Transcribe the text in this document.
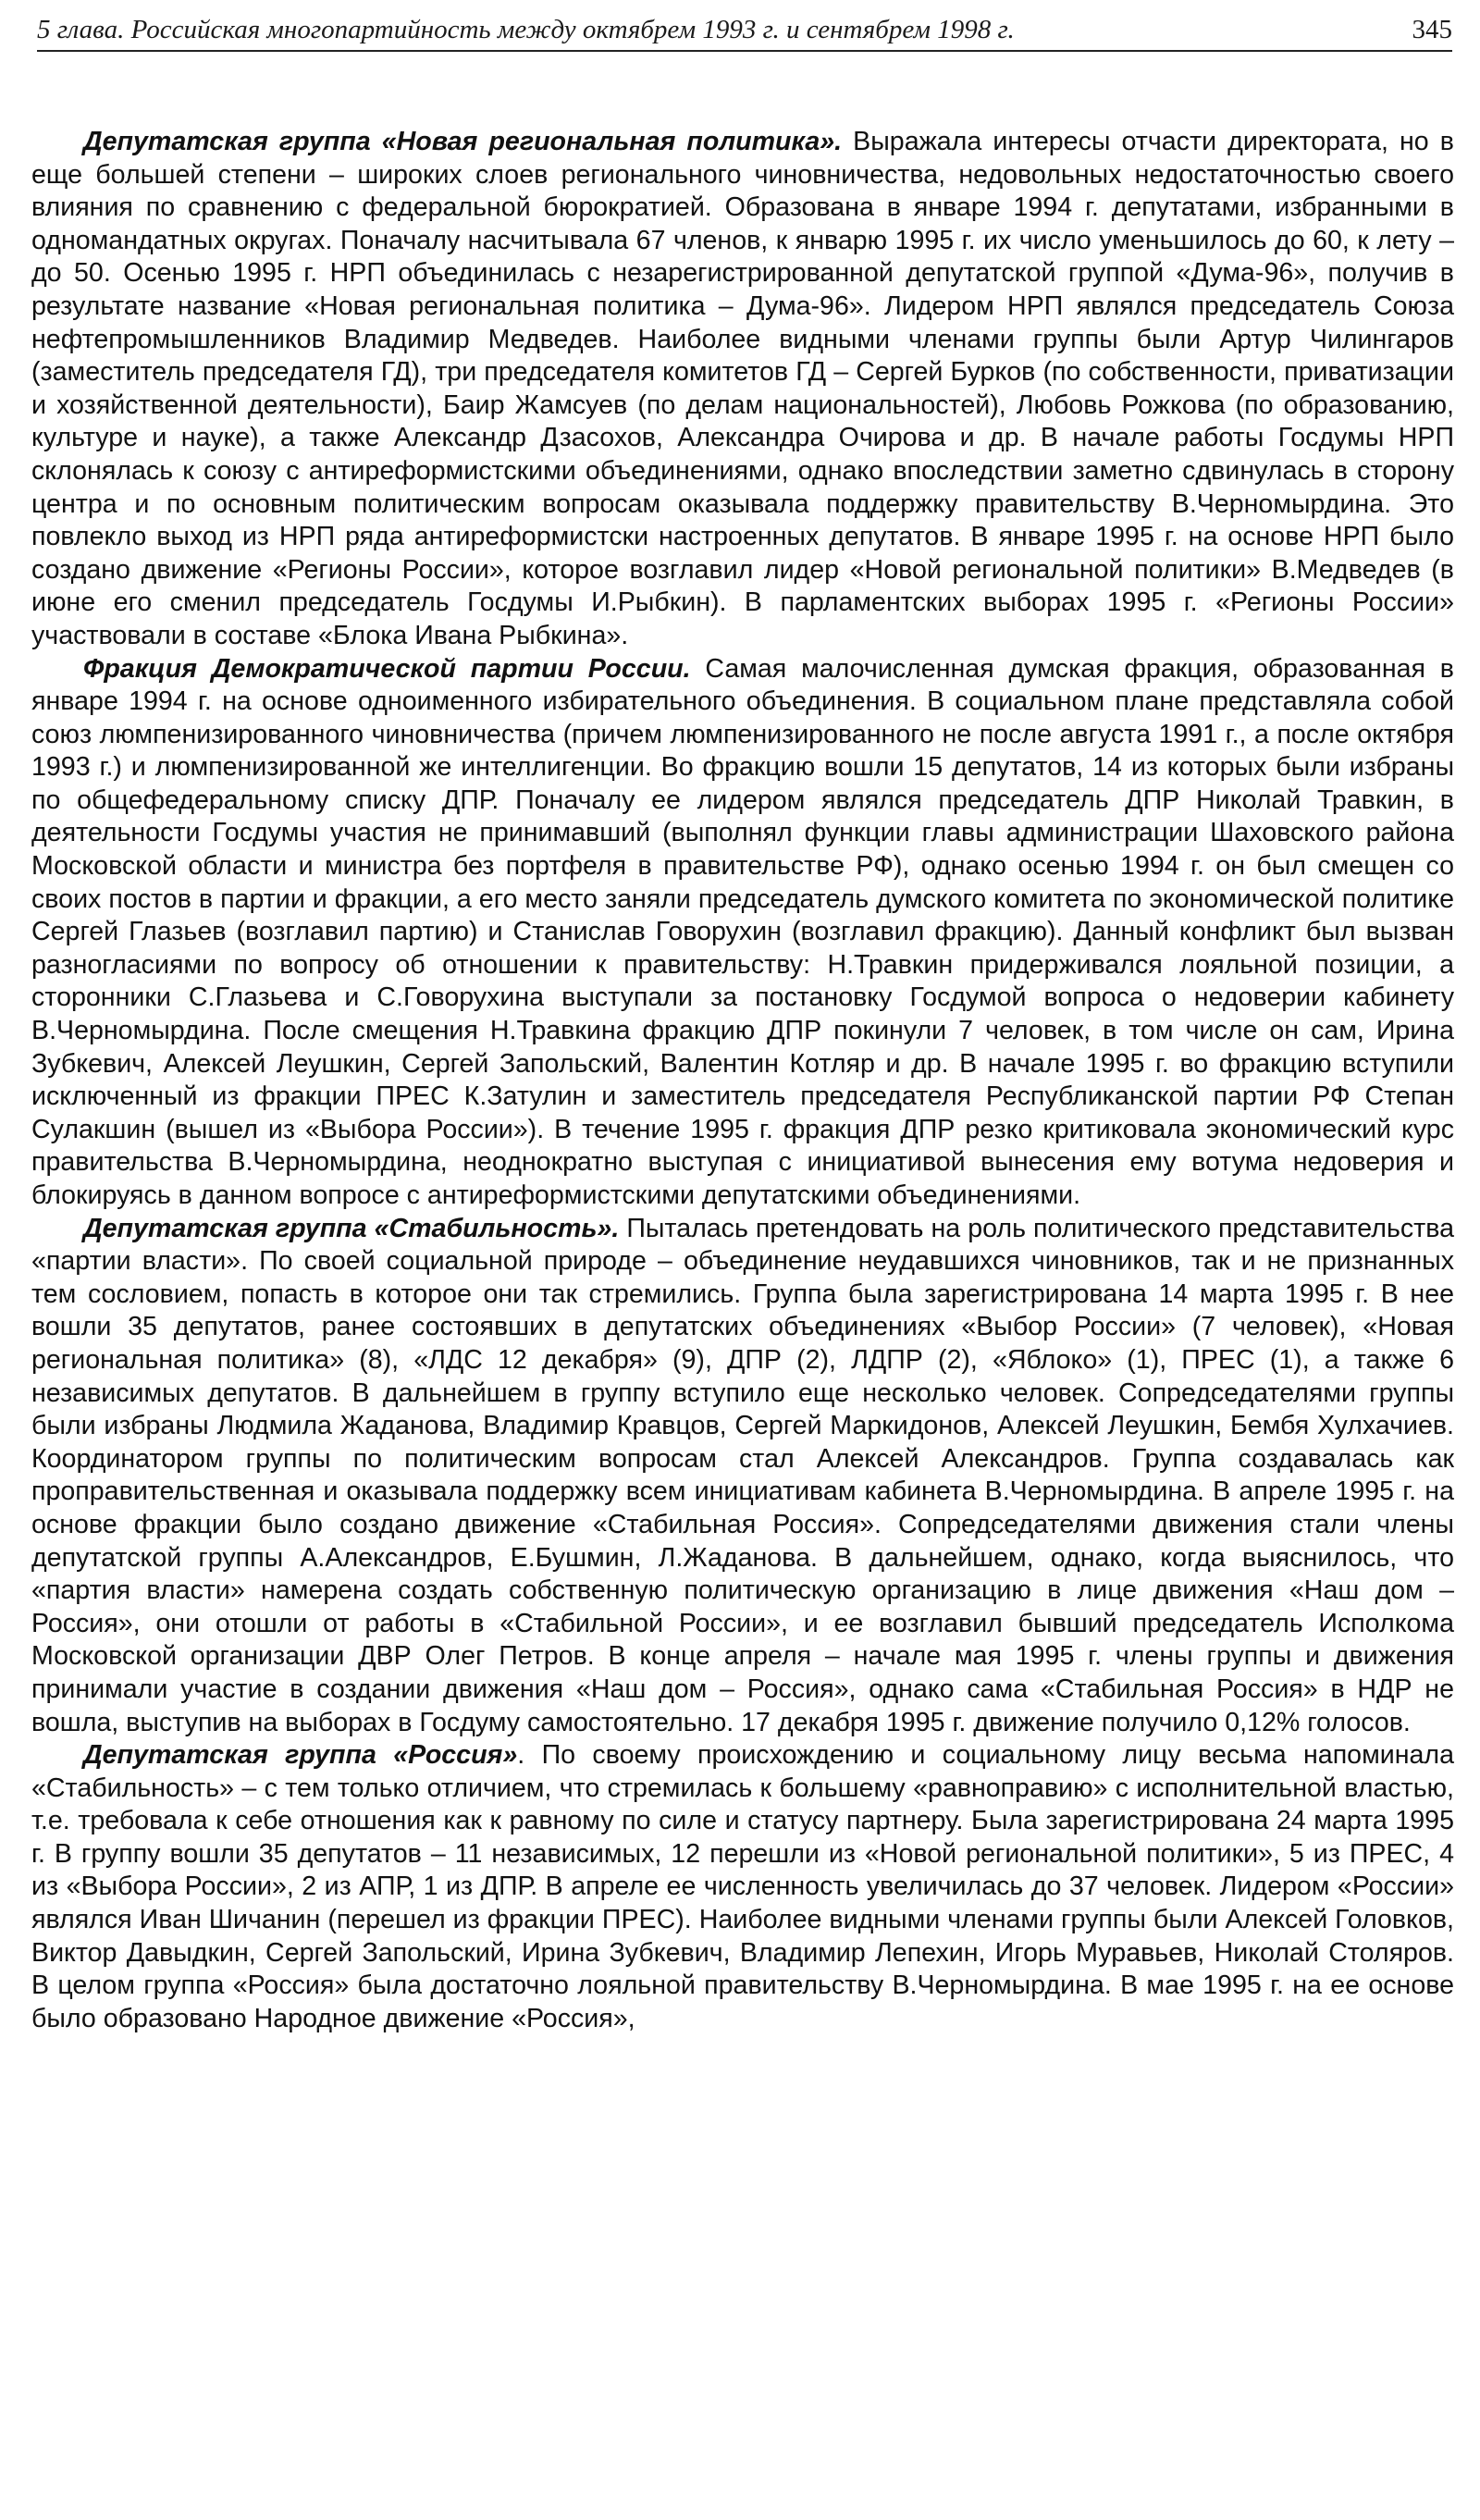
5 глава. Российская многопартийность между октябрем 1993 г. и сентябрем 1998 г.	345

Депутатская группа «Новая региональная политика». Выражала интересы отчасти директората, но в еще большей степени – широких слоев регионального чиновничества, недовольных недостаточностью своего влияния по сравнению с федеральной бюрократией. Образована в январе 1994 г. депутатами, избранными в одномандатных округах. Поначалу насчитывала 67 членов, к январю 1995 г. их число уменьшилось до 60, к лету – до 50. Осенью 1995 г. НРП объединилась с незарегистрированной депутатской группой «Дума-96», получив в результате название «Новая региональная политика – Дума-96». Лидером НРП являлся председатель Союза нефтепромышленников Владимир Медведев. Наиболее видными членами группы были Артур Чилингаров (заместитель председателя ГД), три председателя комитетов ГД – Сергей Бурков (по собственности, приватизации и хозяйственной деятельности), Баир Жамсуев (по делам национальностей), Любовь Рожкова (по образованию, культуре и науке), а также Александр Дзасохов, Александра Очирова и др. В начале работы Госдумы НРП склонялась к союзу с антиреформистскими объединениями, однако впоследствии заметно сдвинулась в сторону центра и по основным политическим вопросам оказывала поддержку правительству В.Черномырдина. Это повлекло выход из НРП ряда антиреформистски настроенных депутатов. В январе 1995 г. на основе НРП было создано движение «Регионы России», которое возглавил лидер «Новой региональной политики» В.Медведев (в июне его сменил председатель Госдумы И.Рыбкин). В парламентских выборах 1995 г. «Регионы России» участвовали в составе «Блока Ивана Рыбкина».

Фракция Демократической партии России. Самая малочисленная думская фракция, образованная в январе 1994 г. на основе одноименного избирательного объединения. В социальном плане представляла собой союз люмпенизированного чиновничества (причем люмпенизированного не после августа 1991 г., а после октября 1993 г.) и люмпенизированной же интеллигенции. Во фракцию вошли 15 депутатов, 14 из которых были избраны по общефедеральному списку ДПР. Поначалу ее лидером являлся председатель ДПР Николай Травкин, в деятельности Госдумы участия не принимавший (выполнял функции главы администрации Шаховского района Московской области и министра без портфеля в правительстве РФ), однако осенью 1994 г. он был смещен со своих постов в партии и фракции, а его место заняли председатель думского комитета по экономической политике Сергей Глазьев (возглавил партию) и Станислав Говорухин (возглавил фракцию). Данный конфликт был вызван разногласиями по вопросу об отношении к правительству: Н.Травкин придерживался лояльной позиции, а сторонники С.Глазьева и С.Говорухина выступали за постановку Госдумой вопроса о недоверии кабинету В.Черномырдина. После смещения Н.Травкина фракцию ДПР покинули 7 человек, в том числе он сам, Ирина Зубкевич, Алексей Леушкин, Сергей Запольский, Валентин Котляр и др. В начале 1995 г. во фракцию вступили исключенный из фракции ПРЕС К.Затулин и заместитель председателя Республиканской партии РФ Степан Сулакшин (вышел из «Выбора России»). В течение 1995 г. фракция ДПР резко критиковала экономический курс правительства В.Черномырдина, неоднократно выступая с инициативой вынесения ему вотума недоверия и блокируясь в данном вопросе с антиреформистскими депутатскими объединениями.

Депутатская группа «Стабильность». Пыталась претендовать на роль политического представительства «партии власти». По своей социальной природе – объединение неудавшихся чиновников, так и не признанных тем сословием, попасть в которое они так стремились. Группа была зарегистрирована 14 марта 1995 г. В нее вошли 35 депутатов, ранее состоявших в депутатских объединениях «Выбор России» (7 человек), «Новая региональная политика» (8), «ЛДС 12 декабря» (9), ДПР (2), ЛДПР (2), «Яблоко» (1), ПРЕС (1), а также 6 независимых депутатов. В дальнейшем в группу вступило еще несколько человек. Сопредседателями группы были избраны Людмила Жаданова, Владимир Кравцов, Сергей Маркидонов, Алексей Леушкин, Бембя Хулхачиев. Координатором группы по политическим вопросам стал Алексей Александров. Группа создавалась как проправительственная и оказывала поддержку всем инициативам кабинета В.Черномырдина. В апреле 1995 г. на основе фракции было создано движение «Стабильная Россия». Сопредседателями движения стали члены депутатской группы А.Александров, Е.Бушмин, Л.Жаданова. В дальнейшем, однако, когда выяснилось, что «партия власти» намерена создать собственную политическую организацию в лице движения «Наш дом – Россия», они отошли от работы в «Стабильной России», и ее возглавил бывший председатель Исполкома Московской организации ДВР Олег Петров. В конце апреля – начале мая 1995 г. члены группы и движения принимали участие в создании движения «Наш дом – Россия», однако сама «Стабильная Россия» в НДР не вошла, выступив на выборах в Госдуму самостоятельно. 17 декабря 1995 г. движение получило 0,12% голосов.

Депутатская группа «Россия». По своему происхождению и социальному лицу весьма напоминала «Стабильность» – с тем только отличием, что стремилась к большему «равноправию» с исполнительной властью, т.е. требовала к себе отношения как к равному по силе и статусу партнеру. Была зарегистрирована 24 марта 1995 г. В группу вошли 35 депутатов – 11 независимых, 12 перешли из «Новой региональной политики», 5 из ПРЕС, 4 из «Выбора России», 2 из АПР, 1 из ДПР. В апреле ее численность увеличилась до 37 человек. Лидером «России» являлся Иван Шичанин (перешел из фракции ПРЕС). Наиболее видными членами группы были Алексей Головков, Виктор Давыдкин, Сергей Запольский, Ирина Зубкевич, Владимир Лепехин, Игорь Муравьев, Николай Столяров. В целом группа «Россия» была достаточно лояльной правительству В.Черномырдина. В мае 1995 г. на ее основе было образовано Народное движение «Россия»,
